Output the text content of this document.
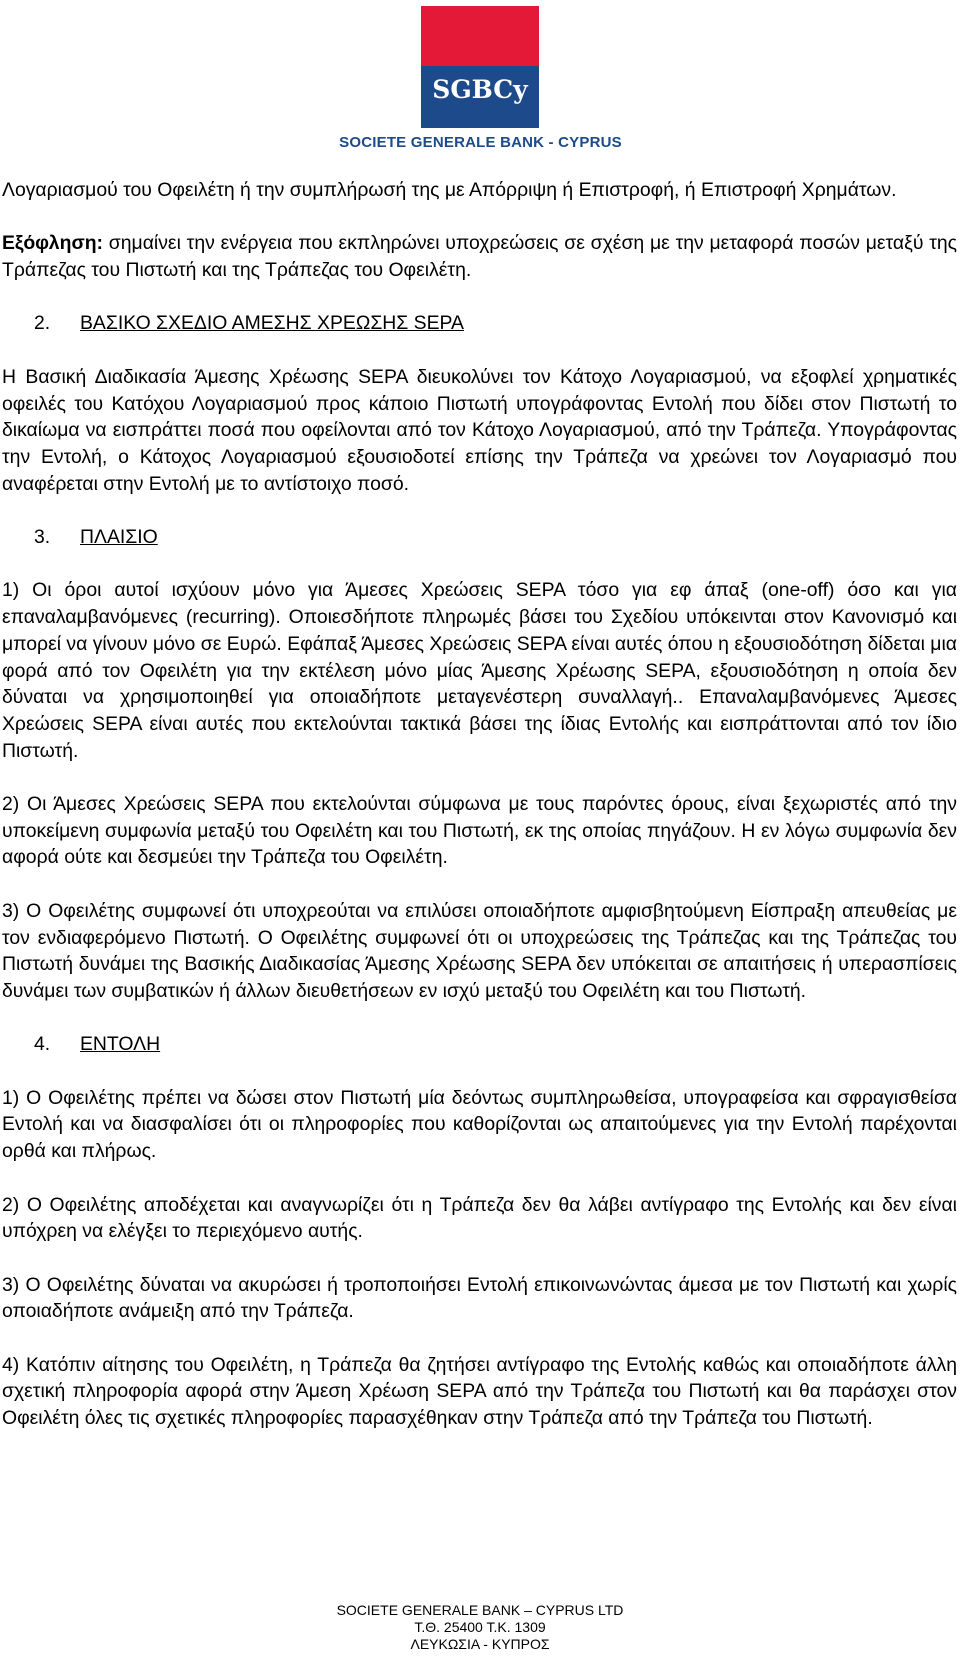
SGBCy
SOCIETE GENERALE BANK - CYPRUS

Λογαριασμού του Οφειλέτη ή την συμπλήρωσή της με Απόρριψη ή Επιστροφή, ή Επιστροφή Χρημάτων.

Εξόφληση: σημαίνει την ενέργεια που εκπληρώνει υποχρεώσεις σε σχέση με την μεταφορά ποσών μεταξύ της Τράπεζας του Πιστωτή και της Τράπεζας του Οφειλέτη.

2. ΒΑΣΙΚΟ ΣΧΕΔΙΟ ΑΜΕΣΗΣ ΧΡΕΩΣΗΣ SEPA

Η Βασική Διαδικασία Άμεσης Χρέωσης SEPA διευκολύνει τον Κάτοχο Λογαριασμού, να εξοφλεί χρηματικές οφειλές του Κατόχου Λογαριασμού προς κάποιο Πιστωτή υπογράφοντας Εντολή που δίδει στον Πιστωτή το δικαίωμα να εισπράττει ποσά που οφείλονται από τον Κάτοχο Λογαριασμού, από την Τράπεζα. Υπογράφοντας την Εντολή, ο Κάτοχος Λογαριασμού εξουσιοδοτεί επίσης την Τράπεζα να χρεώνει τον Λογαριασμό που αναφέρεται στην Εντολή με το αντίστοιχο ποσό.

3. ΠΛΑΙΣΙΟ

1) Οι όροι αυτοί ισχύουν μόνο για Άμεσες Χρεώσεις SEPA τόσο για εφ άπαξ (one-off) όσο και για επαναλαμβανόμενες (recurring). Οποιεσδήποτε πληρωμές βάσει του Σχεδίου υπόκεινται στον Κανονισμό και μπορεί να γίνουν μόνο σε Ευρώ. Εφάπαξ Άμεσες Χρεώσεις SEPA είναι αυτές όπου η εξουσιοδότηση δίδεται μια φορά από τον Οφειλέτη για την εκτέλεση μόνο μίας Άμεσης Χρέωσης SEPA, εξουσιοδότηση η οποία δεν δύναται να χρησιμοποιηθεί για οποιαδήποτε μεταγενέστερη συναλλαγή.. Επαναλαμβανόμενες Άμεσες Χρεώσεις SEPA είναι αυτές που εκτελούνται τακτικά βάσει της ίδιας Εντολής και εισπράττονται από τον ίδιο Πιστωτή.

2) Οι Άμεσες Χρεώσεις SEPA που εκτελούνται σύμφωνα με τους παρόντες όρους, είναι ξεχωριστές από την υποκείμενη συμφωνία μεταξύ του Οφειλέτη και του Πιστωτή, εκ της οποίας πηγάζουν. Η εν λόγω συμφωνία δεν αφορά ούτε και δεσμεύει την Τράπεζα του Οφειλέτη.

3) Ο Οφειλέτης συμφωνεί ότι υποχρεούται να επιλύσει οποιαδήποτε αμφισβητούμενη Είσπραξη απευθείας με τον ενδιαφερόμενο Πιστωτή. Ο Οφειλέτης συμφωνεί ότι οι υποχρεώσεις της Τράπεζας και της Τράπεζας του Πιστωτή δυνάμει της Βασικής Διαδικασίας Άμεσης Χρέωσης SEPA δεν υπόκειται σε απαιτήσεις ή υπερασπίσεις δυνάμει των συμβατικών ή άλλων διευθετήσεων εν ισχύ μεταξύ του Οφειλέτη και του Πιστωτή.

4. ΕΝΤΟΛΗ

1) Ο Οφειλέτης πρέπει να δώσει στον Πιστωτή μία δεόντως συμπληρωθείσα, υπογραφείσα και σφραγισθείσα Εντολή και να διασφαλίσει ότι οι πληροφορίες που καθορίζονται ως απαιτούμενες για την Εντολή παρέχονται ορθά και πλήρως.

2) Ο Οφειλέτης αποδέχεται και αναγνωρίζει ότι η Τράπεζα δεν θα λάβει αντίγραφο της Εντολής και δεν είναι υπόχρεη να ελέγξει το περιεχόμενο αυτής.

3) Ο Οφειλέτης δύναται να ακυρώσει ή τροποποιήσει Εντολή επικοινωνώντας άμεσα με τον Πιστωτή και χωρίς οποιαδήποτε ανάμειξη από την Τράπεζα.

4) Κατόπιν αίτησης του Οφειλέτη, η Τράπεζα θα ζητήσει αντίγραφο της Εντολής καθώς και οποιαδήποτε άλλη σχετική πληροφορία αφορά στην Άμεση Χρέωση SEPA από την Τράπεζα του Πιστωτή και θα παράσχει στον Οφειλέτη όλες τις σχετικές πληροφορίες παρασχέθηκαν στην Τράπεζα από την Τράπεζα του Πιστωτή.

SOCIETE GENERALE BANK – CYPRUS LTD
Τ.Θ. 25400 Τ.Κ. 1309
ΛΕΥΚΩΣΙΑ - ΚΥΠΡΟΣ
